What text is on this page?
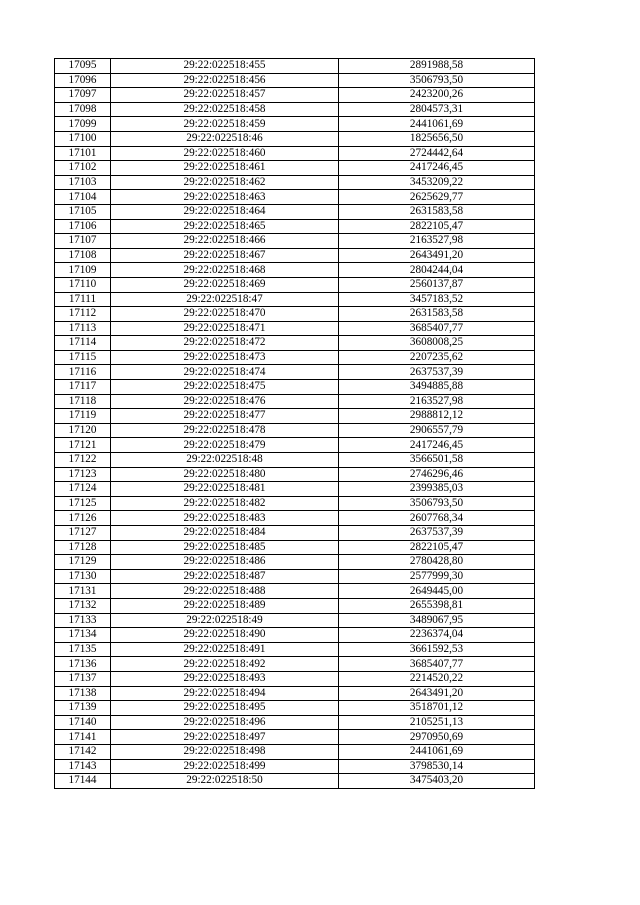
17095	29:22:022518:455	2891988,58
17096	29:22:022518:456	3506793,50
17097	29:22:022518:457	2423200,26
17098	29:22:022518:458	2804573,31
17099	29:22:022518:459	2441061,69
17100	29:22:022518:46	1825656,50
17101	29:22:022518:460	2724442,64
17102	29:22:022518:461	2417246,45
17103	29:22:022518:462	3453209,22
17104	29:22:022518:463	2625629,77
17105	29:22:022518:464	2631583,58
17106	29:22:022518:465	2822105,47
17107	29:22:022518:466	2163527,98
17108	29:22:022518:467	2643491,20
17109	29:22:022518:468	2804244,04
17110	29:22:022518:469	2560137,87
17111	29:22:022518:47	3457183,52
17112	29:22:022518:470	2631583,58
17113	29:22:022518:471	3685407,77
17114	29:22:022518:472	3608008,25
17115	29:22:022518:473	2207235,62
17116	29:22:022518:474	2637537,39
17117	29:22:022518:475	3494885,88
17118	29:22:022518:476	2163527,98
17119	29:22:022518:477	2988812,12
17120	29:22:022518:478	2906557,79
17121	29:22:022518:479	2417246,45
17122	29:22:022518:48	3566501,58
17123	29:22:022518:480	2746296,46
17124	29:22:022518:481	2399385,03
17125	29:22:022518:482	3506793,50
17126	29:22:022518:483	2607768,34
17127	29:22:022518:484	2637537,39
17128	29:22:022518:485	2822105,47
17129	29:22:022518:486	2780428,80
17130	29:22:022518:487	2577999,30
17131	29:22:022518:488	2649445,00
17132	29:22:022518:489	2655398,81
17133	29:22:022518:49	3489067,95
17134	29:22:022518:490	2236374,04
17135	29:22:022518:491	3661592,53
17136	29:22:022518:492	3685407,77
17137	29:22:022518:493	2214520,22
17138	29:22:022518:494	2643491,20
17139	29:22:022518:495	3518701,12
17140	29:22:022518:496	2105251,13
17141	29:22:022518:497	2970950,69
17142	29:22:022518:498	2441061,69
17143	29:22:022518:499	3798530,14
17144	29:22:022518:50	3475403,20
